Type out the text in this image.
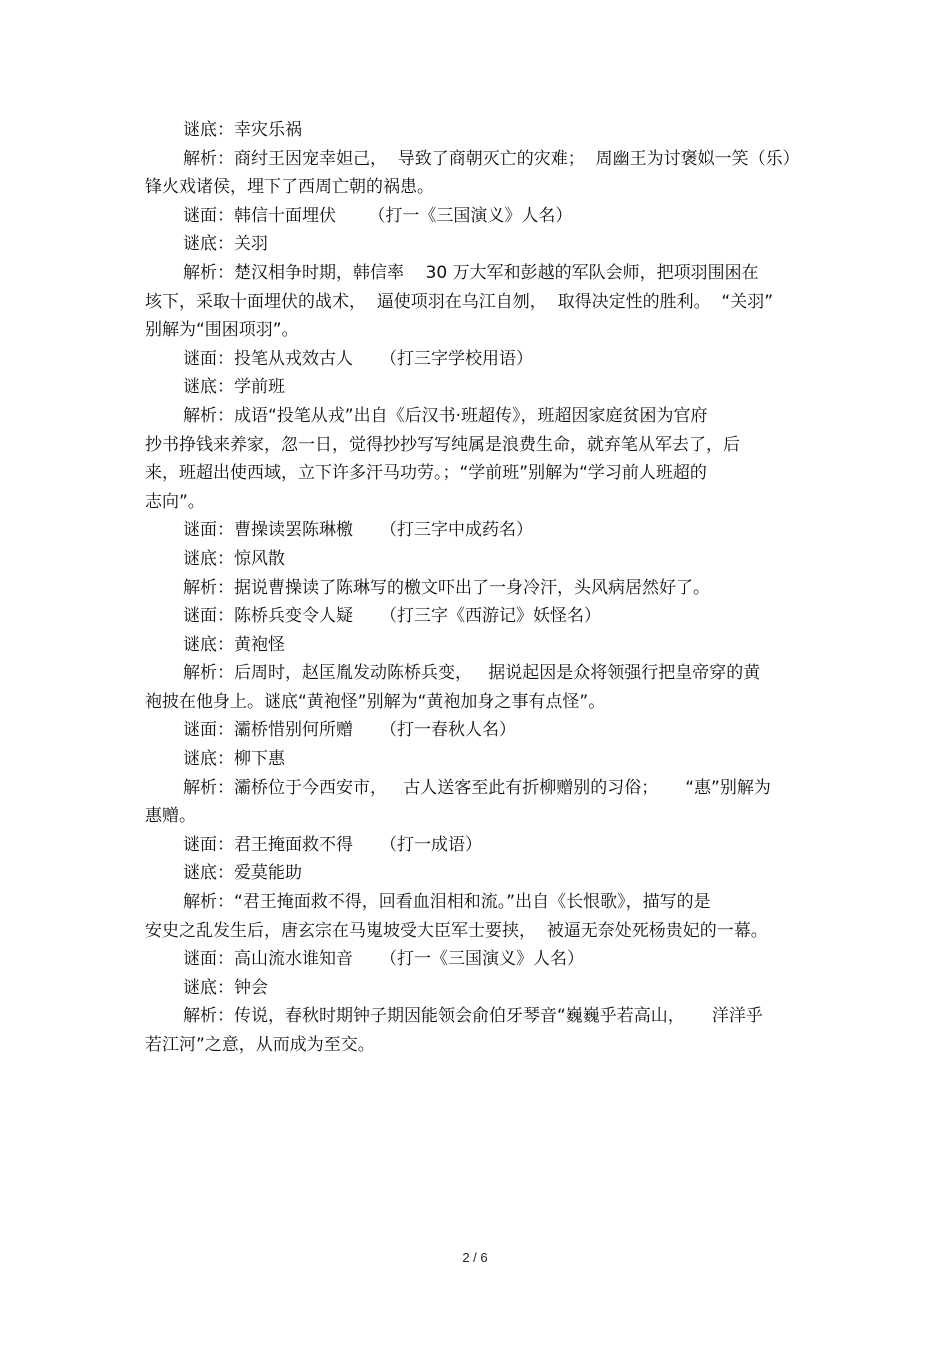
谜底：幸灾乐祸

解析：商纣王因宠幸妲己，  导致了商朝灭亡的灾难；  周幽王为讨褒姒一笑（乐）

锋火戏诸侯，埋下了西周亡朝的祸患。

谜面：韩信十面埋伏      （打一《三国演义》人名）

谜底：关羽

解析：楚汉相争时期，韩信率    30 万大军和彭越的军队会师，把项羽围困在

垓下，采取十面埋伏的战术，  逼使项羽在乌江自刎，  取得决定性的胜利。  “关羽”

别解为“围困项羽”。

谜面：投笔从戎效古人     （打三字学校用语）

谜底：学前班

解析：成语“投笔从戎”出自《后汉书·班超传》，班超因家庭贫困为官府

抄书挣钱来养家，忽一日，觉得抄抄写写纯属是浪费生命，就弃笔从军去了，后

来，班超出使西域，立下许多汗马功劳。；“学前班”别解为“学习前人班超的

志向”。

谜面：曹操读罢陈琳檄     （打三字中成药名）

谜底：惊风散

解析：据说曹操读了陈琳写的檄文吓出了一身冷汗，头风病居然好了。

谜面：陈桥兵变令人疑     （打三字《西游记》妖怪名）

谜底：黄袍怪

解析：后周时，赵匡胤发动陈桥兵变，   据说起因是众将领强行把皇帝穿的黄

袍披在他身上。谜底“黄袍怪”别解为“黄袍加身之事有点怪”。

谜面：灞桥惜别何所赠     （打一春秋人名）

谜底：柳下惠

解析：灞桥位于今西安市，   古人送客至此有折柳赠别的习俗；     “惠”别解为

惠赠。

谜面：君王掩面救不得     （打一成语）

谜底：爱莫能助

解析：“君王掩面救不得，回看血泪相和流。”出自《长恨歌》，描写的是

安史之乱发生后，唐玄宗在马嵬坡受大臣军士要挟，  被逼无奈处死杨贵妃的一幕。

谜面：高山流水谁知音     （打一《三国演义》人名）

谜底：钟会

解析：传说，春秋时期钟子期因能领会俞伯牙琴音“巍巍乎若高山，     洋洋乎

若江河”之意，从而成为至交。

2 / 6
